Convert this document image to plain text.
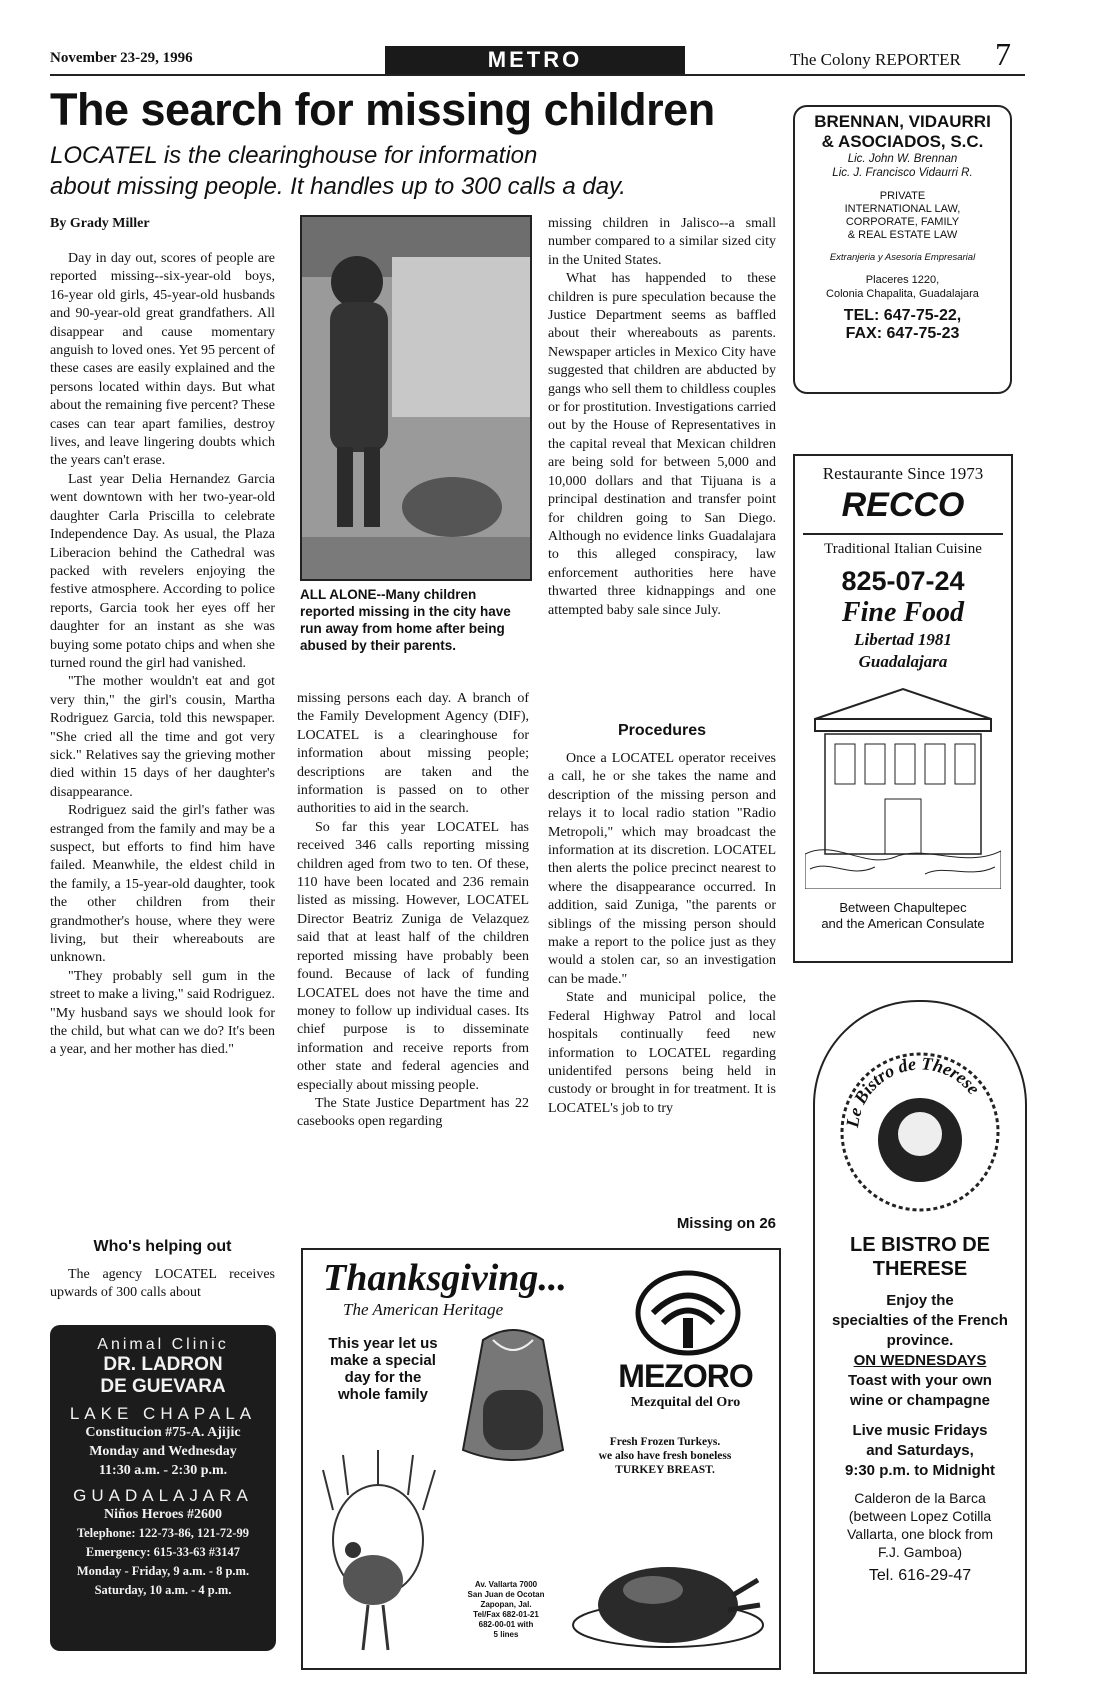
November 23-29, 1996	METRO	The Colony REPORTER 7
The search for missing children
LOCATEL is the clearinghouse for information
about missing people. It handles up to 300 calls a day.
By Grady Miller

Day in day out, scores of people are reported missing--six-year-old boys, 16-year old girls, 45-year-old husbands and 90-year-old great grandfathers. All disappear and cause momentary anguish to loved ones. Yet 95 percent of these cases are easily explained and the persons located within days. But what about the remaining five percent? These cases can tear apart families, destroy lives, and leave lingering doubts which the years can't erase.

Last year Delia Hernandez Garcia went downtown with her two-year-old daughter Carla Priscilla to celebrate Independence Day. As usual, the Plaza Liberacion behind the Cathedral was packed with revelers enjoying the festive atmosphere. According to police reports, Garcia took her eyes off her daughter for an instant as she was buying some potato chips and when she turned round the girl had vanished.

"The mother wouldn't eat and got very thin," the girl's cousin, Martha Rodriguez Garcia, told this newspaper. "She cried all the time and got very sick." Relatives say the grieving mother died within 15 days of her daughter's disappearance.

Rodriguez said the girl's father was estranged from the family and may be a suspect, but efforts to find him have failed. Meanwhile, the eldest child in the family, a 15-year-old daughter, took the other children from their grandmother's house, where they were living, but their whereabouts are unknown.

"They probably sell gum in the street to make a living," said Rodriguez. "My husband says we should look for the child, but what can we do? It's been a year, and her mother has died."

Who's helping out

The agency LOCATEL receives upwards of 300 calls about

ALL ALONE--Many children reported missing in the city have run away from home after being abused by their parents.

missing persons each day. A branch of the Family Development Agency (DIF), LOCATEL is a clearinghouse for information about missing people; descriptions are taken and the information is passed on to other authorities to aid in the search.

So far this year LOCATEL has received 346 calls reporting missing children aged from two to ten. Of these, 110 have been located and 236 remain listed as missing. However, LOCATEL Director Beatriz Zuniga de Velazquez said that at least half of the children reported missing have probably been found. Because of lack of funding LOCATEL does not have the time and money to follow up individual cases. Its chief purpose is to disseminate information and receive reports from other state and federal agencies and especially about missing people.

The State Justice Department has 22 casebooks open regarding

missing children in Jalisco--a small number compared to a similar sized city in the United States.

What has happended to these children is pure speculation because the Justice Department seems as baffled about their whereabouts as parents. Newspaper articles in Mexico City have suggested that children are abducted by gangs who sell them to childless couples or for prostitution. Investigations carried out by the House of Representatives in the capital reveal that Mexican children are being sold for between 5,000 and 10,000 dollars and that Tijuana is a principal destination and transfer point for children going to San Diego. Although no evidence links Guadalajara to this alleged conspiracy, law enforcement authorities here have thwarted three kidnappings and one attempted baby sale since July.

Procedures

Once a LOCATEL operator receives a call, he or she takes the name and description of the missing person and relays it to local radio station "Radio Metropoli," which may broadcast the information at its discretion. LOCATEL then alerts the police precinct nearest to where the disappearance occurred. In addition, said Zuniga, "the parents or siblings of the missing person should make a report to the police just as they would a stolen car, so an investigation can be made."

State and municipal police, the Federal Highway Patrol and local hospitals continually feed new information to LOCATEL regarding unidentifed persons being held in custody or brought in for treatment. It is LOCATEL's job to try

Missing on 26
Animal Clinic
DR. LADRON
DE GUEVARA
LAKE CHAPALA
Constitucion #75-A. Ajijic
Monday and Wednesday
11:30 a.m. - 2:30 p.m.
GUADALAJARA
Niños Heroes #2600
Telephone: 122-73-86, 121-72-99
Emergency: 615-33-63 #3147
Monday - Friday, 9 a.m. - 8 p.m.
Saturday, 10 a.m. - 4 p.m.
BRENNAN, VIDAURRI
& ASOCIADOS, S.C.
Lic. John W. Brennan
Lic. J. Francisco Vidaurri R.
PRIVATE
INTERNATIONAL LAW,
CORPORATE, FAMILY
& REAL ESTATE LAW
Extranjeria y Asesoria Empresarial
Placeres 1220,
Colonia Chapalita, Guadalajara
TEL: 647-75-22,
FAX: 647-75-23
Restaurante Since 1973
RECCO
Traditional Italian Cuisine
825-07-24
Fine Food
Libertad 1981
Guadalajara
Between Chapultepec
and the American Consulate
Le Bistro de Therese
LE BISTRO DE
THERESE
Enjoy the
specialties of the French
province.
ON WEDNESDAYS
Toast with your own
wine or champagne
Live music Fridays
and Saturdays,
9:30 p.m. to Midnight
Calderon de la Barca
(between Lopez Cotilla
Vallarta, one block from
F.J. Gamboa)
Tel. 616-29-47
Thanksgiving...
The American Heritage
This year let us make a special day for the whole family
MEZORO
Mezquital del Oro
Fresh Frozen Turkeys.
we also have fresh boneless
TURKEY BREAST.
Av. Vallarta 7000
San Juan de Ocotan
Zapopan, Jal.
Tel/Fax 682-01-21
682-00-01 with
5 lines
